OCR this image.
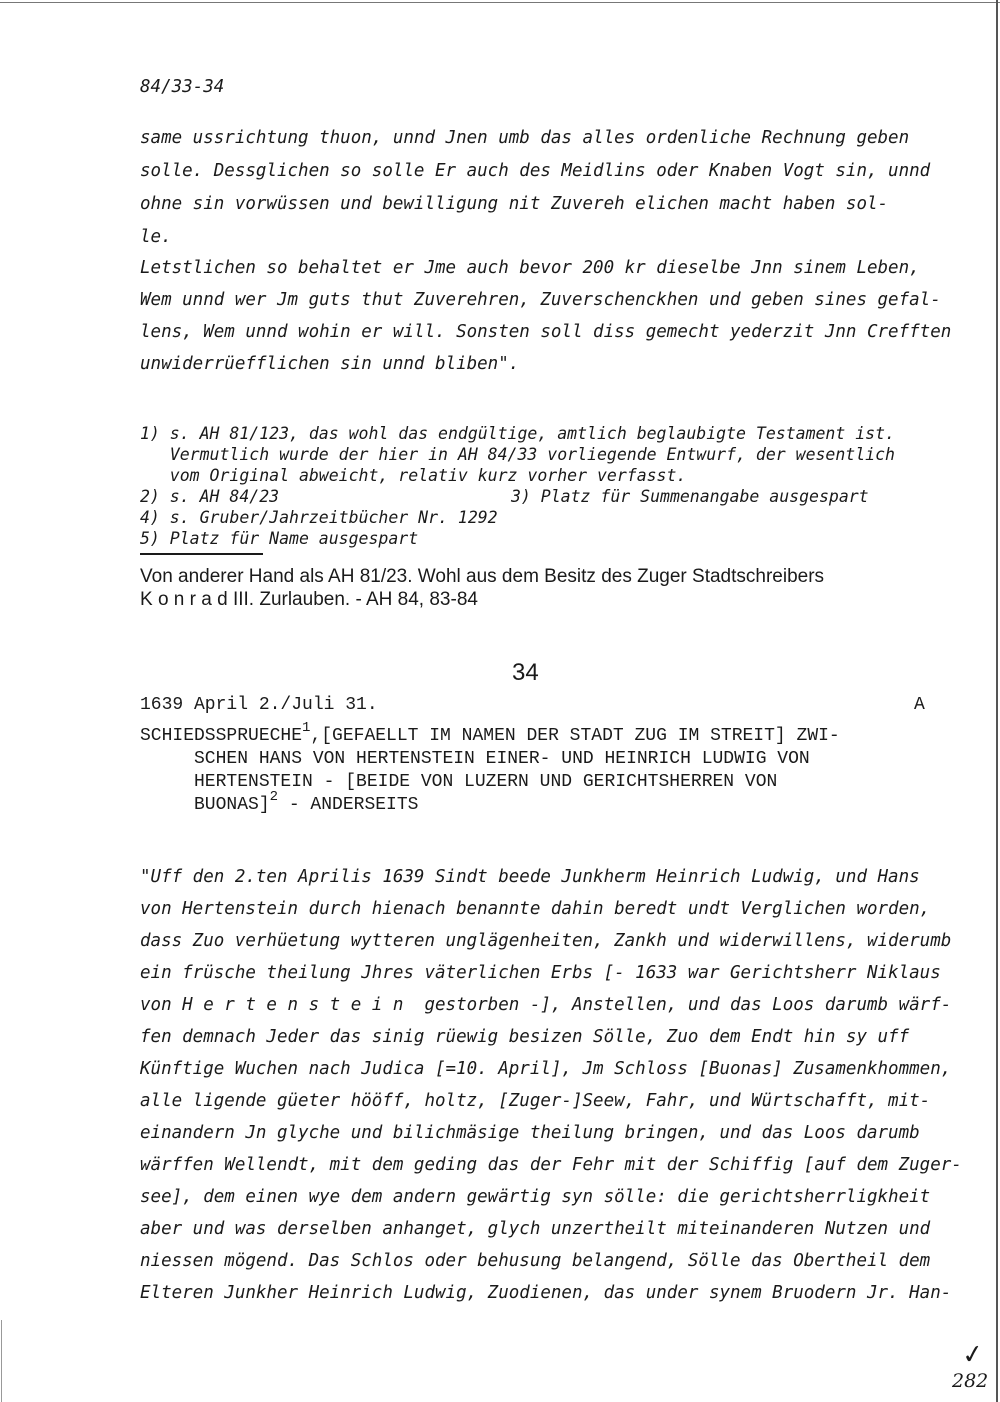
84/33-34
same ussrichtung thuon, unnd Jnen umb das alles ordenliche Rechnung geben
solle. Dessglichen so solle Er auch des Meidlins oder Knaben Vogt sin, unnd
ohne sin vorwüssen und bewilligung nit Zuvereh elichen macht haben sol-
le.
Letstlichen so behaltet er Jme auch bevor 200 kr dieselbe Jnn sinem Leben,
Wem unnd wer Jm guts thut Zuverehren, Zuverschenckhen und geben sines gefal-
lens, Wem unnd wohin er will. Sonsten soll diss gemecht yederzit Jnn Crefften
unwiderrüefflichen sin unnd bliben".
1) s. AH 81/123, das wohl das endgültige, amtlich beglaubigte Testament ist.
Vermutlich wurde der hier in AH 84/33 vorliegende Entwurf, der wesentlich
vom Original abweicht, relativ kurz vorher verfasst.
2) s. AH 84/23	3) Platz für Summenangabe ausgespart
4) s. Gruber/Jahrzeitbücher Nr. 1292
5) Platz für Name ausgespart
Von anderer Hand als AH 81/23. Wohl aus dem Besitz des Zuger Stadtschreibers
K o n r a d III. Zurlauben. - AH 84, 83-84
34
1639 April 2./Juli 31.	A
SCHIEDSSPRUECHE1,[GEFAELLT IM NAMEN DER STADT ZUG IM STREIT] ZWI-
SCHEN HANS VON HERTENSTEIN EINER- UND HEINRICH LUDWIG VON
HERTENSTEIN - [BEIDE VON LUZERN UND GERICHTSHERREN VON
BUONAS]2 - ANDERSEITS
"Uff den 2.ten Aprilis 1639 Sindt beede Junkherm Heinrich Ludwig, und Hans
von Hertenstein durch hienach benannte dahin beredt undt Verglichen worden,
dass Zuo verhüetung wytteren unglägenheiten, Zankh und widerwillens, widerumb
ein früsche theilung Jhres väterlichen Erbs [- 1633 war Gerichtsherr Niklaus
von H e r t e n s t e i n  gestorben -], Anstellen, und das Loos darumb wärf-
fen demnach Jeder das sinig rüewig besizen Sölle, Zuo dem Endt hin sy uff
Künftige Wuchen nach Judica [=10. April], Jm Schloss [Buonas] Zusamenkhommen,
alle ligende güeter hööff, holtz, [Zuger-]Seew, Fahr, und Würtschafft, mit-
einandern Jn glyche und bilichmäsige theilung bringen, und das Loos darumb
wärffen Wellendt, mit dem geding das der Fehr mit der Schiffig [auf dem Zuger-
see], dem einen wye dem andern gewärtig syn sölle: die gerichtsherrligkheit
aber und was derselben anhanget, glych unzertheilt miteinanderen Nutzen und
niessen mögend. Das Schlos oder behusung belangend, Sölle das Obertheil dem
Elteren Junkher Heinrich Ludwig, Zuodienen, das under synem Bruodern Jr. Han-
✓
282
